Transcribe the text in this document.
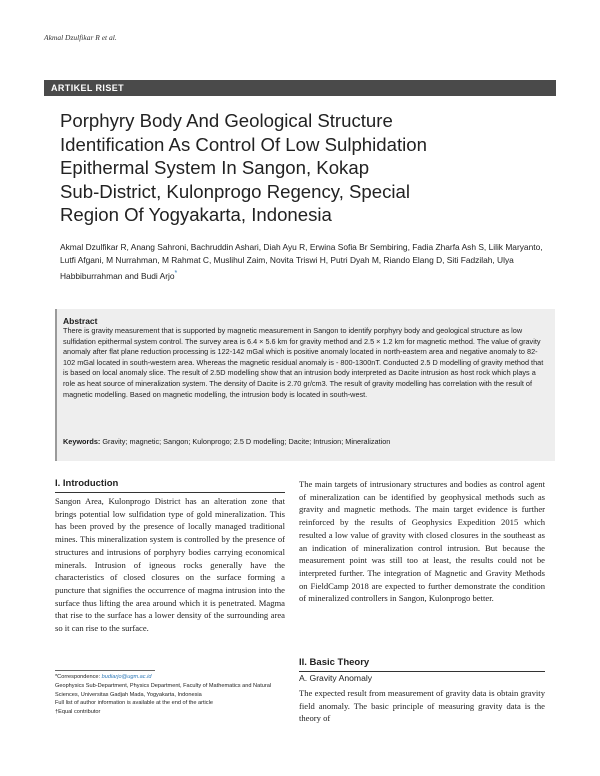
Akmal Dzulfikar R et al.
ARTIKEL RISET
Porphyry Body And Geological Structure
Identification As Control Of Low Sulphidation
Epithermal System In Sangon, Kokap
Sub-District, Kulonprogo Regency, Special
Region Of Yogyakarta, Indonesia
Akmal Dzulfikar R, Anang Sahroni, Bachruddin Ashari, Diah Ayu R, Erwina Sofia Br Sembiring, Fadia Zharfa Ash S, Lilik Maryanto, Lutfi Afgani, M Nurrahman, M Rahmat C, Muslihul Zaim, Novita Triswi H, Putri Dyah M, Riando Elang D, Siti Fadzilah, Ulya Habbiburrahman and Budi Arjo*
Abstract
There is gravity measurement that is supported by magnetic measurement in Sangon to identify porphyry body and geological structure as low sulfidation epithermal system control. The survey area is 6.4 × 5.6 km for gravity method and 2.5 × 1.2 km for magnetic method. The value of gravity anomaly after flat plane reduction processing is 122-142 mGal which is positive anomaly located in north-eastern area and negative anomaly to 82-102 mGal located in south-western area. Whereas the magnetic residual anomaly is - 800-1300nT. Conducted 2.5 D modelling of gravity method that is based on local anomaly slice. The result of 2.5D modelling show that an intrusion body interpreted as Dacite intrusion as host rock which plays a role as heat source of mineralization system. The density of Dacite is 2.70 gr/cm3. The result of gravity modelling has correlation with the result of magnetic modelling. Based on magnetic modelling, the intrusion body is located in south-west.
Keywords: Gravity; magnetic; Sangon; Kulonprogo; 2.5 D modelling; Dacite; Intrusion; Mineralization
I. Introduction
Sangon Area, Kulonprogo District has an alteration zone that brings potential low sulfidation type of gold mineralization. This has been proved by the presence of locally managed traditional mines. This mineralization system is controlled by the presence of structures and intrusions of porphyry bodies carrying economical minerals. Intrusion of igneous rocks generally have the characteristics of closed closures on the surface forming a puncture that signifies the occurrence of magma intrusion into the surface thus lifting the area around which it is penetrated. Magma that rise to the surface has a lower density of the surrounding area so it can rise to the surface.
The main targets of intrusionary structures and bodies as control agent of mineralization can be identified by geophysical methods such as gravity and magnetic methods. The main target evidence is further reinforced by the results of Geophysics Expedition 2015 which resulted a low value of gravity with closed closures in the southeast as an indication of mineralization control intrusion. But because the measurement point was still too at least, the results could not be interpreted further. The integration of Magnetic and Gravity Methods on FieldCamp 2018 are expected to further demonstrate the condition of mineralized controllers in Sangon, Kulonprogo better.
II. Basic Theory
A. Gravity Anomaly
The expected result from measurement of gravity data is obtain gravity field anomaly. The basic principle of measuring gravity data is the theory of
*Correspondence: budiarjo@ugm.ac.id
Geophysics Sub-Department, Physics Department, Faculty of Mathematics and Natural Sciences, Universitas Gadjah Mada, Yogyakarta, Indonesia
Full list of author information is available at the end of the article
†Equal contributor
